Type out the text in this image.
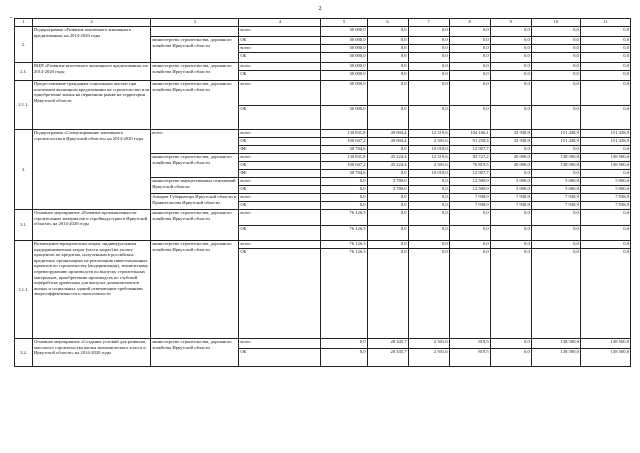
2
-
1	2	3	4	5	6	7	8	9	10	11
2.	Подпрограмма «Развитие ипотечного жилищного кредитования» на 2014-2020 годы		всего	30 000,0	0,0	0,0	0,0	0,0	0,0	0,0
		министерство строительства, дорожного хозяйства Иркутской области	ОБ	30 000,0	0,0	0,0	0,0	0,0	0,0	0,0
			всего	30 000,0	0,0	0,0	0,0	0,0	0,0	0,0
			ОБ	30 000,0	0,0	0,0	0,0	0,0	0,0	0,0
2.1.	ВЦП «Развитие ипотечного жилищного кредитования» на 2014-2020 годы	министерство строительства, дорожного хозяйства Иркутской области	всего	30 000,0	0,0	0,0	0,0	0,0	0,0	0,0
			ОБ	30 000,0	0,0	0,0	0,0	0,0	0,0	0,0
2.1.1.	Предоставление гражданам социальных выплат при ипотечном жилищном кредитовании на строительство или приобретение жилья на первичном рынке на территории Иркутской области	министерство строительства, дорожного хозяйства Иркутской области	всего	30 000,0	0,0	0,0	0,0	0,0	0,0	0,0
			ОБ	30 000,0	0,0	0,0	0,0	0,0	0,0	0,0
3.	Подпрограмма «Стимулирование жилищного строительства в Иркутской области» на 2014-2020 годы	всего	всего	130 831,8	49 004,4	12 519,6	104 166,1	32 938,9	151 438,9	151 438,9
			ОБ	100 047,2	49 004,4	2 501,6	91 258,4	32 938,9	151 438,9	151 438,9
			ФБ	30 784,6	0,0	10 018,0	12 907,7	0,0	0,0	0,0
		министерство строительства, дорожного хозяйства Иркутской области	всего	130 831,8	45 224,4	12 519,6	83 727,2	20 000,0	138 500,0	138 500,0
			ОБ	100 047,2	45 224,4	2 501,6	70 819,5	20 000,0	138 500,0	138 500,0
			ФБ	30 784,6	0,0	10 018,0	12 907,7	0,0	0,0	0,0
		министерство имущественных отношений Иркутской области	всего	0,0	3 780,0	0,0	12 500,0	5 000,0	5 000,0	5 000,0
			ОБ	0,0	3 780,0	0,0	12 500,0	5 000,0	5 000,0	5 000,0
		Аппарат Губернатора Иркутской области и Правительства Иркутской области	всего	0,0	0,0	0,0	7 938,9	7 938,9	7 938,9	7 938,9
			ОБ	0,0	0,0	0,0	7 938,9	7 938,9	7 938,9	7 938,9
3.1.	Основное мероприятие «Развитие промышленности строительных материалов и стройиндустрии в Иркутской области» на 2014-2020 годы	министерство строительства, дорожного хозяйства Иркутской области	всего	76 126,3	0,0	0,0	0,0	0,0	0,0	0,0
			ОБ	76 126,3	0,0	0,0	0,0	0,0	0,0	0,0
3.1.1.	Возмещение юридическим лицам, индивидуальным предпринимателям затрат (части затрат) на уплату процентов по кредитам, полученным в российских кредитных организациях на реализацию инвестиционных проектов по строительству (модернизации), техническому перевооружению производств по выпуску строительных материалов, приобретению производств по глубокой переработке древесины для выпуска домокомплектов жилых и социальных зданий отвечающим требованиям энергоэффективности и экологичности	министерство строительства, дорожного хозяйства Иркутской области	всего	76 126,3	0,0	0,0	0,0	0,0	0,0	0,0
			ОБ	76 126,3	0,0	0,0	0,0	0,0	0,0	0,0
3.2.	Основное мероприятие «Создание условий для развития массового строительства жилья экономического класса в Иркутской области» на 2014-2020 годы	министерство строительства, дорожного хозяйства Иркутской области	всего	0,0	28 345,7	2 501,6	819,5	0,0	138 500,0	138 500,0
			ОБ	0,0	28 345,7	2 501,6	819,5	0,0	138 500,0	138 500,0
